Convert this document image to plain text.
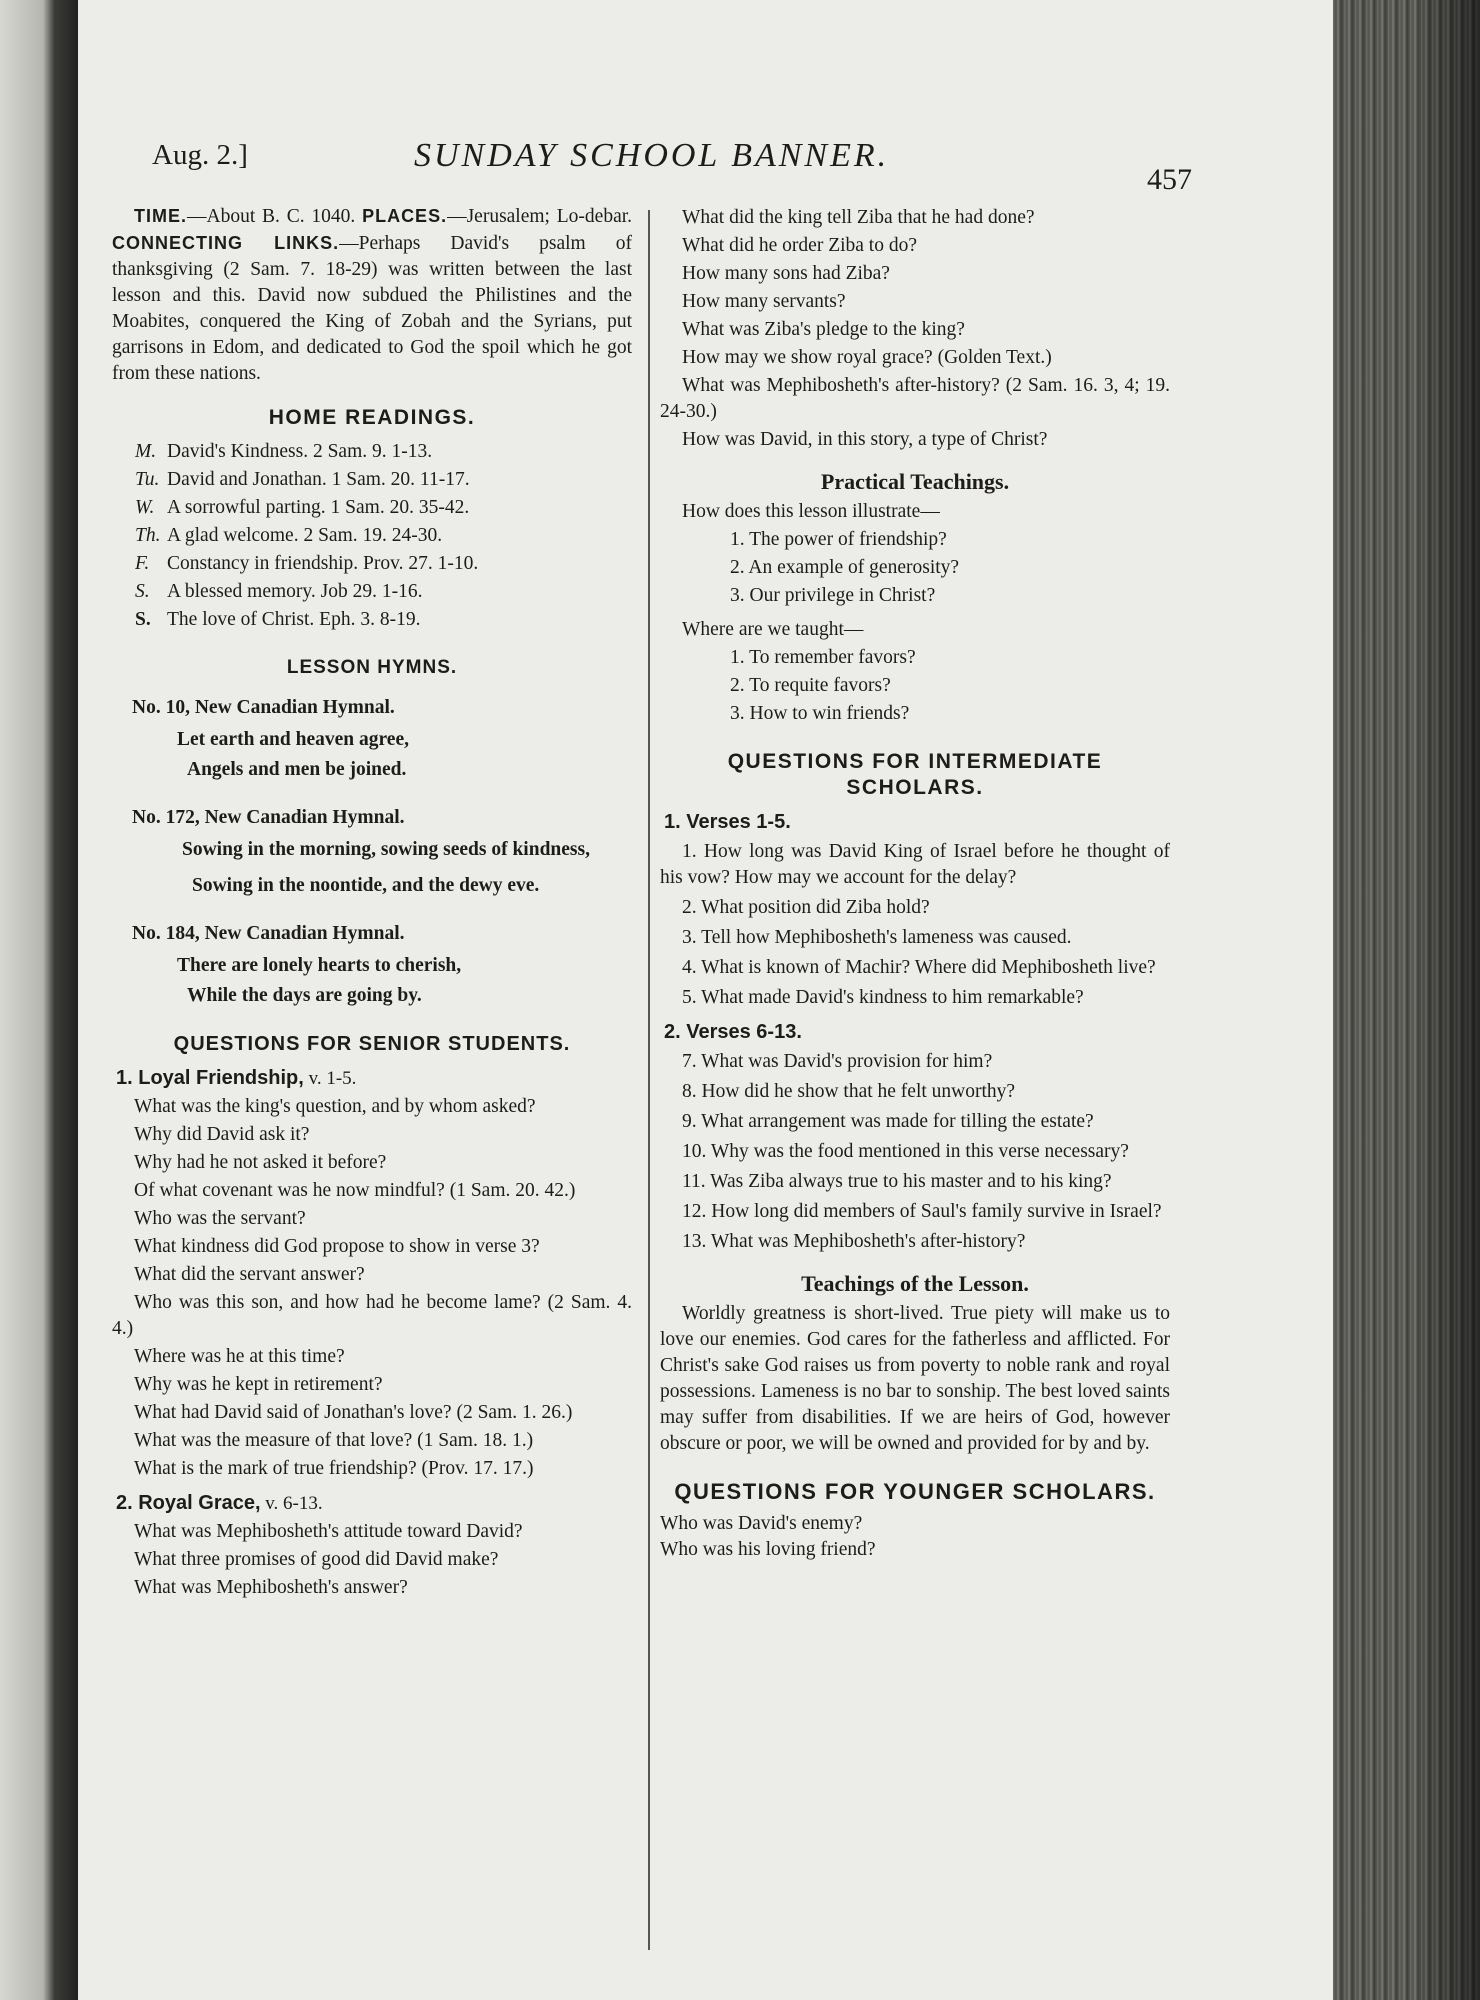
Aug. 2.]	SUNDAY SCHOOL BANNER.
457

TIME.—About B. C. 1040. PLACES.—Jerusalem; Lo-debar. CONNECTING LINKS.—Perhaps David's psalm of thanksgiving (2 Sam. 7. 18-29) was written between the last lesson and this. David now subdued the Philistines and the Moabites, conquered the King of Zobah and the Syrians, put garrisons in Edom, and dedicated to God the spoil which he got from these nations.

HOME READINGS.

M. David's Kindness. 2 Sam. 9. 1-13.

Tu. David and Jonathan. 1 Sam. 20. 11-17.

W. A sorrowful parting. 1 Sam. 20. 35-42.

Th. A glad welcome. 2 Sam. 19. 24-30.

F. Constancy in friendship. Prov. 27. 1-10.

S. A blessed memory. Job 29. 1-16.

S. The love of Christ. Eph. 3. 8-19.

LESSON HYMNS.

No. 10, New Canadian Hymnal.

Let earth and heaven agree,

Angels and men be joined.

No. 172, New Canadian Hymnal.

Sowing in the morning, sowing seeds of kindness,

Sowing in the noontide, and the dewy eve.

No. 184, New Canadian Hymnal.

There are lonely hearts to cherish,

While the days are going by.

QUESTIONS FOR SENIOR STUDENTS.

1. Loyal Friendship, v. 1-5.

What was the king's question, and by whom asked?

Why did David ask it?

Why had he not asked it before?

Of what covenant was he now mindful? (1 Sam. 20. 42.)

Who was the servant?

What kindness did God propose to show in verse 3?

What did the servant answer?

Who was this son, and how had he become lame? (2 Sam. 4. 4.)

Where was he at this time?

Why was he kept in retirement?

What had David said of Jonathan's love? (2 Sam. 1. 26.)

What was the measure of that love? (1 Sam. 18. 1.)

What is the mark of true friendship? (Prov. 17. 17.)

2. Royal Grace, v. 6-13.

What was Mephibosheth's attitude toward David?

What three promises of good did David make?

What was Mephibosheth's answer?

What did the king tell Ziba that he had done?

What did he order Ziba to do?

How many sons had Ziba?

How many servants?

What was Ziba's pledge to the king?

How may we show royal grace? (Golden Text.)

What was Mephibosheth's after-history? (2 Sam. 16. 3, 4; 19. 24-30.)

How was David, in this story, a type of Christ?

Practical Teachings.

How does this lesson illustrate—

1. The power of friendship?

2. An example of generosity?

3. Our privilege in Christ?

Where are we taught—

1. To remember favors?

2. To requite favors?

3. How to win friends?

QUESTIONS FOR INTERMEDIATE SCHOLARS.

1. Verses 1-5.

1. How long was David King of Israel before he thought of his vow? How may we account for the delay?

2. What position did Ziba hold?

3. Tell how Mephibosheth's lameness was caused.

4. What is known of Machir? Where did Mephibosheth live?

5. What made David's kindness to him remarkable?

2. Verses 6-13.

7. What was David's provision for him?

8. How did he show that he felt unworthy?

9. What arrangement was made for tilling the estate?

10. Why was the food mentioned in this verse necessary?

11. Was Ziba always true to his master and to his king?

12. How long did members of Saul's family survive in Israel?

13. What was Mephibosheth's after-history?

Teachings of the Lesson.

Worldly greatness is short-lived. True piety will make us to love our enemies. God cares for the fatherless and afflicted. For Christ's sake God raises us from poverty to noble rank and royal possessions. Lameness is no bar to sonship. The best loved saints may suffer from disabilities. If we are heirs of God, however obscure or poor, we will be owned and provided for by and by.

QUESTIONS FOR YOUNGER SCHOLARS.

Who was David's enemy?

Who was his loving friend?
